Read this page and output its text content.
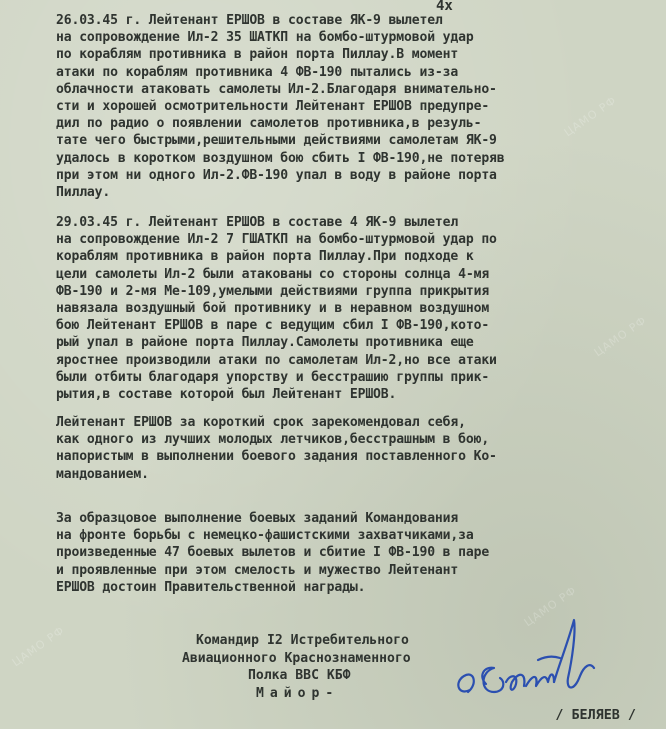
ЦАМО РФ
ЦАМО РФ
ЦАМО РФ
ЦАМО РФ
4х

26.03.45 г. Лейтенант ЕРШОВ в составе ЯК-9 вылетел
на сопровождение Ил-2 35 ШАТКП на бомбо-штурмовой удар
по кораблям противника в район порта Пиллау.В момент
атаки по кораблям противника 4 ФВ-190 пытались из-за
облачности атаковать самолеты Ил-2.Благодаря внимательно-
сти и хорошей осмотрительности Лейтенант ЕРШОВ предупре-
дил по радио о появлении самолетов противника,в резуль-
тате чего быстрыми,решительными действиями самолетам ЯК-9
удалось в коротком воздушном бою сбить I ФВ-190,не потеряв
при этом ни одного Ил-2.ФВ-190 упал в воду в районе порта
Пиллау.

29.03.45 г. Лейтенант ЕРШОВ в составе 4 ЯК-9 вылетел
на сопровождение Ил-2 7 ГШАТКП на бомбо-штурмовой удар по
кораблям противника в район порта Пиллау.При подходе к
цели самолеты Ил-2 были атакованы со стороны солнца 4-мя
ФВ-190 и 2-мя Ме-109,умелыми действиями группа прикрытия
навязала воздушный бой противнику и в неравном воздушном
бою Лейтенант ЕРШОВ в паре с ведущим сбил I ФВ-190,кото-
рый упал в районе порта Пиллау.Самолеты противника еще
яростнее производили атаки по самолетам Ил-2,но все атаки
были отбиты благодаря упорству и бесстрашию группы прик-
рытия,в составе которой был Лейтенант ЕРШОВ.

Лейтенант ЕРШОВ за короткий срок зарекомендовал себя,
как одного из лучших молодых летчиков,бесстрашным в бою,
напористым в выполнении боевого задания поставленного Ко-
мандованием.

За образцовое выполнение боевых заданий Командования
на фронте борьбы с немецко-фашистскими захватчиками,за
произведенные 47 боевых вылетов и сбитие I ФВ-190 в паре
и проявленные при этом смелость и мужество Лейтенант
ЕРШОВ достоин Правительственной награды.

Командир I2 Истребительного
Авиационного Краснознаменного
Полка ВВС КБФ
Майор-
/ БЕЛЯЕВ /
